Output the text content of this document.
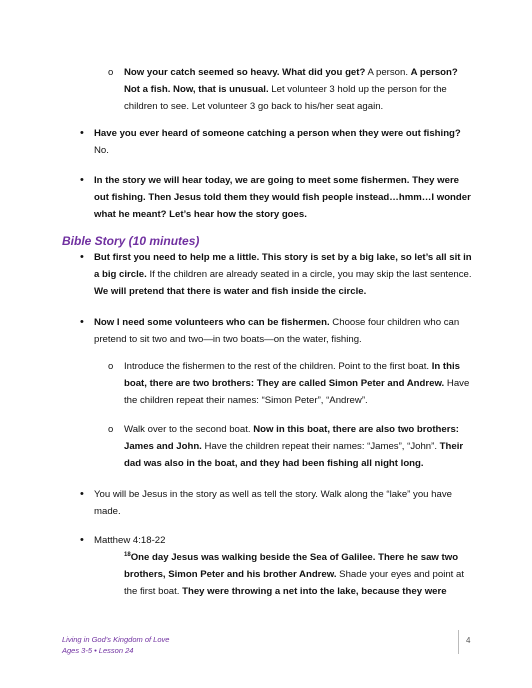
o Now your catch seemed so heavy. What did you get? A person. A person? Not a fish. Now, that is unusual. Let volunteer 3 hold up the person for the children to see. Let volunteer 3 go back to his/her seat again.
• Have you ever heard of someone catching a person when they were out fishing? No.
• In the story we will hear today, we are going to meet some fishermen. They were out fishing. Then Jesus told them they would fish people instead…hmm…I wonder what he meant? Let’s hear how the story goes.
Bible Story (10 minutes)
• But first you need to help me a little. This story is set by a big lake, so let’s all sit in a big circle. If the children are already seated in a circle, you may skip the last sentence. We will pretend that there is water and fish inside the circle.
• Now I need some volunteers who can be fishermen. Choose four children who can pretend to sit two and two—in two boats—on the water, fishing.
o Introduce the fishermen to the rest of the children. Point to the first boat. In this boat, there are two brothers: They are called Simon Peter and Andrew. Have the children repeat their names: “Simon Peter”, “Andrew”.
o Walk over to the second boat. Now in this boat, there are also two brothers: James and John. Have the children repeat their names: “James”, “John”. Their dad was also in the boat, and they had been fishing all night long.
• You will be Jesus in the story as well as tell the story. Walk along the “lake” you have made.
• Matthew 4:18-22
$^{18}$One day Jesus was walking beside the Sea of Galilee. There he saw two brothers, Simon Peter and his brother Andrew. Shade your eyes and point at the first boat. They were throwing a net into the lake, because they were
Living in God’s Kingdom of Love
Ages 3-5 • Lesson 24
4
